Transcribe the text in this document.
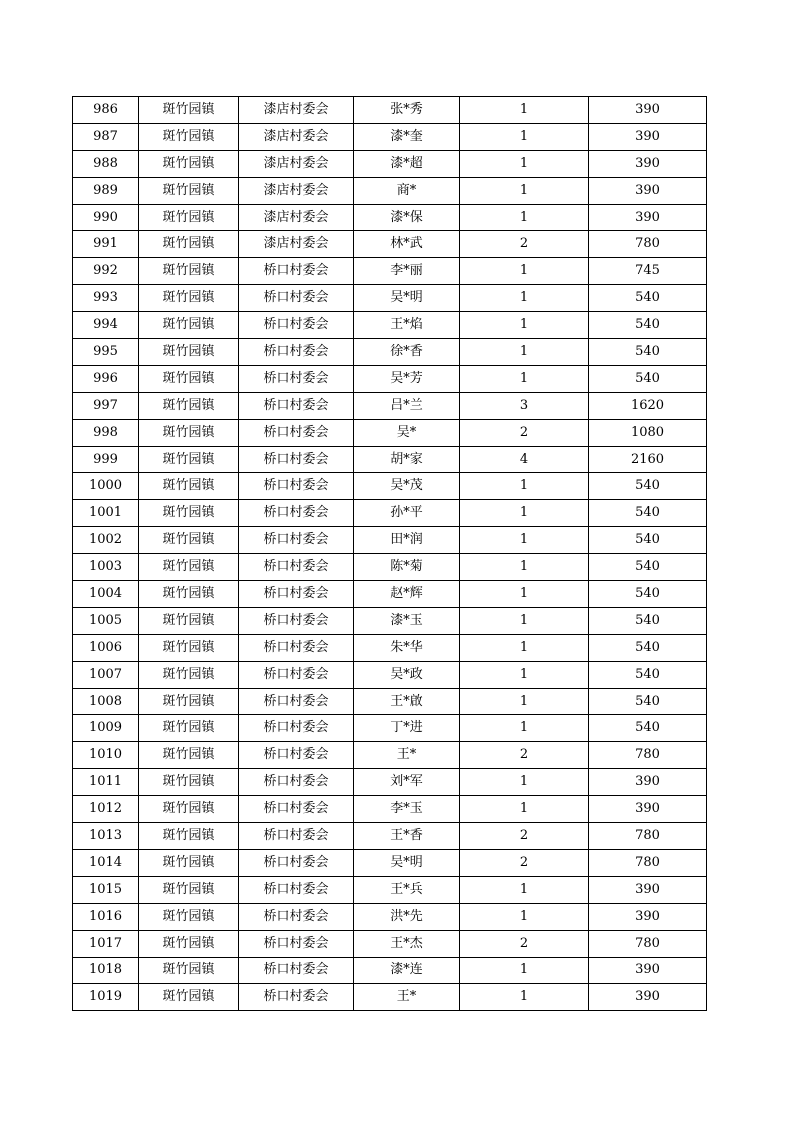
986	斑竹园镇	漆店村委会	张*秀	1	390
987	斑竹园镇	漆店村委会	漆*奎	1	390
988	斑竹园镇	漆店村委会	漆*超	1	390
989	斑竹园镇	漆店村委会	商*	1	390
990	斑竹园镇	漆店村委会	漆*保	1	390
991	斑竹园镇	漆店村委会	林*武	2	780
992	斑竹园镇	桥口村委会	李*丽	1	745
993	斑竹园镇	桥口村委会	吴*明	1	540
994	斑竹园镇	桥口村委会	王*焰	1	540
995	斑竹园镇	桥口村委会	徐*香	1	540
996	斑竹园镇	桥口村委会	吴*芳	1	540
997	斑竹园镇	桥口村委会	吕*兰	3	1620
998	斑竹园镇	桥口村委会	吴*	2	1080
999	斑竹园镇	桥口村委会	胡*家	4	2160
1000	斑竹园镇	桥口村委会	吴*茂	1	540
1001	斑竹园镇	桥口村委会	孙*平	1	540
1002	斑竹园镇	桥口村委会	田*润	1	540
1003	斑竹园镇	桥口村委会	陈*菊	1	540
1004	斑竹园镇	桥口村委会	赵*辉	1	540
1005	斑竹园镇	桥口村委会	漆*玉	1	540
1006	斑竹园镇	桥口村委会	朱*华	1	540
1007	斑竹园镇	桥口村委会	吴*政	1	540
1008	斑竹园镇	桥口村委会	王*啟	1	540
1009	斑竹园镇	桥口村委会	丁*进	1	540
1010	斑竹园镇	桥口村委会	王*	2	780
1011	斑竹园镇	桥口村委会	刘*军	1	390
1012	斑竹园镇	桥口村委会	李*玉	1	390
1013	斑竹园镇	桥口村委会	王*香	2	780
1014	斑竹园镇	桥口村委会	吴*明	2	780
1015	斑竹园镇	桥口村委会	王*兵	1	390
1016	斑竹园镇	桥口村委会	洪*先	1	390
1017	斑竹园镇	桥口村委会	王*杰	2	780
1018	斑竹园镇	桥口村委会	漆*连	1	390
1019	斑竹园镇	桥口村委会	王*	1	390
